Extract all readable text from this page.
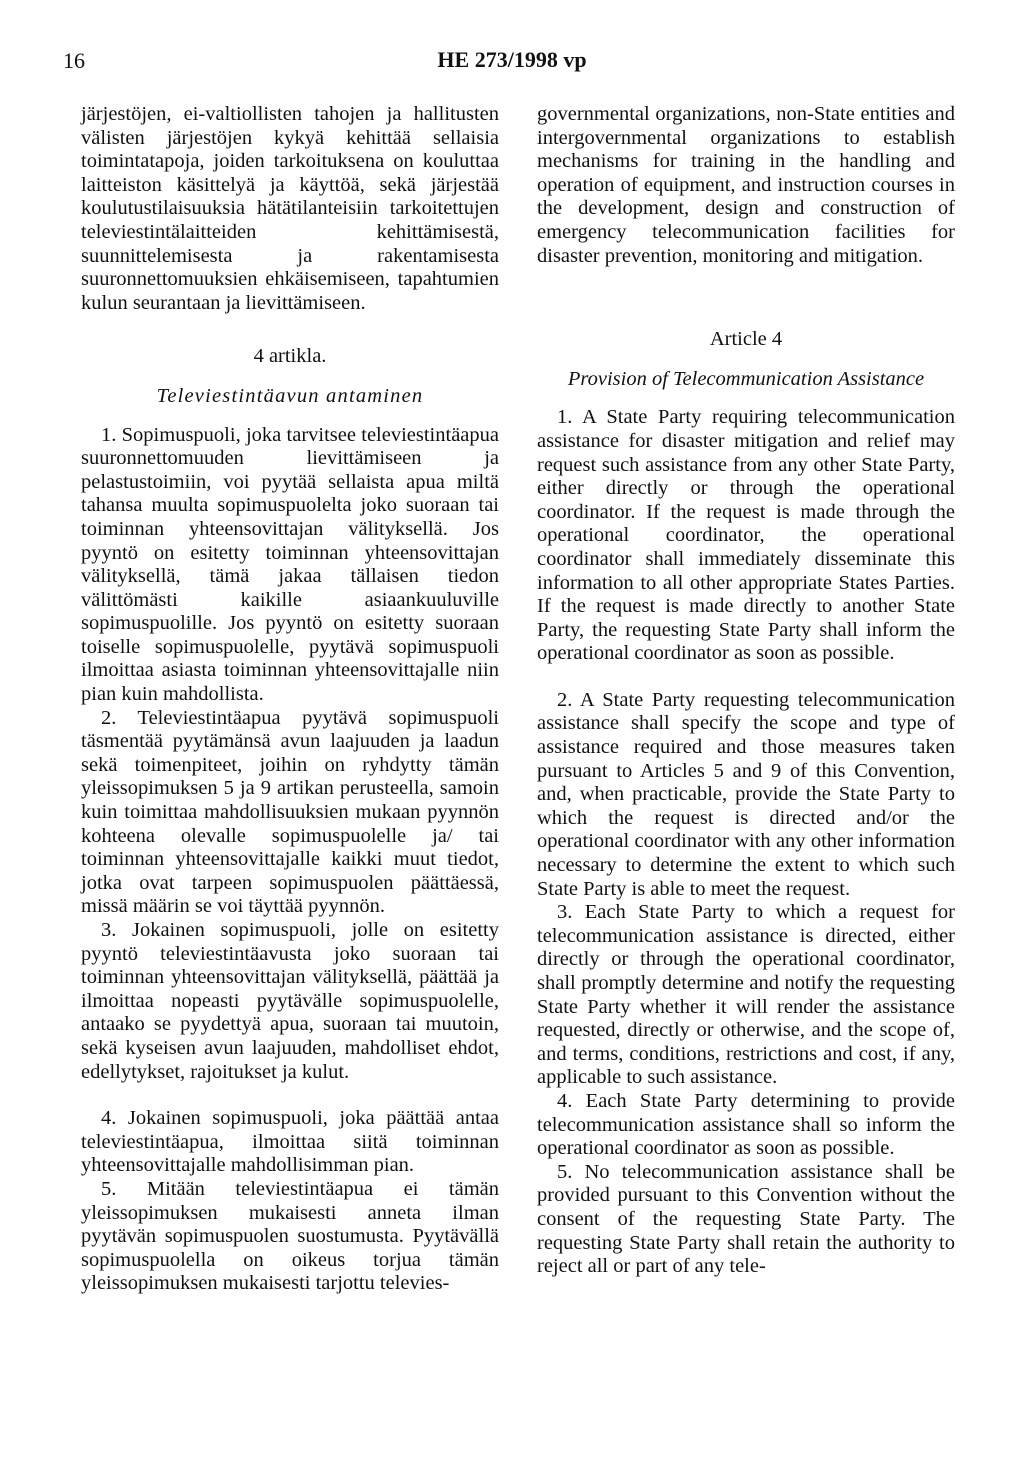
16	HE 273/1998 vp

järjestöjen, ei-valtiollisten tahojen ja hallitusten välisten järjestöjen kykyä kehittää sellaisia toimintatapoja, joiden tarkoituksena on kouluttaa laitteiston käsittelyä ja käyttöä, sekä järjestää koulutustilaisuuksia hätätilanteisiin tarkoitettujen televiestintälaitteiden kehittämisestä, suunnittelemisesta ja rakentamisesta suuronnettomuuksien ehkäisemiseen, tapahtumien kulun seurantaan ja lievittämiseen.

4 artikla.

Televiestintäavun antaminen

1. Sopimuspuoli, joka tarvitsee televiestintäapua suuronnettomuuden lievittämiseen ja pelastustoimiin, voi pyytää sellaista apua miltä tahansa muulta sopimuspuolelta joko suoraan tai toiminnan yhteensovittajan välityksellä. Jos pyyntö on esitetty toiminnan yhteensovittajan välityksellä, tämä jakaa tällaisen tiedon välittömästi kaikille asiaankuuluville sopimuspuolille. Jos pyyntö on esitetty suoraan toiselle sopimuspuolelle, pyytävä sopimuspuoli ilmoittaa asiasta toiminnan yhteensovittajalle niin pian kuin mahdollista.

2. Televiestintäapua pyytävä sopimuspuoli täsmentää pyytämänsä avun laajuuden ja laadun sekä toimenpiteet, joihin on ryhdytty tämän yleissopimuksen 5 ja 9 artikan perusteella, samoin kuin toimittaa mahdollisuuksien mukaan pyynnön kohteena olevalle sopimuspuolelle ja/ tai toiminnan yhteensovittajalle kaikki muut tiedot, jotka ovat tarpeen sopimuspuolen päättäessä, missä määrin se voi täyttää pyynnön.

3. Jokainen sopimuspuoli, jolle on esitetty pyyntö televiestintäavusta joko suoraan tai toiminnan yhteensovittajan välityksellä, päättää ja ilmoittaa nopeasti pyytävälle sopimuspuolelle, antaako se pyydettyä apua, suoraan tai muutoin, sekä kyseisen avun laajuuden, mahdolliset ehdot, edellytykset, rajoitukset ja kulut.

4. Jokainen sopimuspuoli, joka päättää antaa televiestintäapua, ilmoittaa siitä toiminnan yhteensovittajalle mahdollisimman pian.

5. Mitään televiestintäapua ei tämän yleissopimuksen mukaisesti anneta ilman pyytävän sopimuspuolen suostumusta. Pyytävällä sopimuspuolella on oikeus torjua tämän yleissopimuksen mukaisesti tarjottu televies-

governmental organizations, non-State entities and intergovernmental organizations to establish mechanisms for training in the handling and operation of equipment, and instruction courses in the development, design and construction of emergency telecommunication facilities for disaster prevention, monitoring and mitigation.

Article 4

Provision of Telecommunication Assistance

1. A State Party requiring telecommunication assistance for disaster mitigation and relief may request such assistance from any other State Party, either directly or through the operational coordinator. If the request is made through the operational coordinator, the operational coordinator shall immediately disseminate this information to all other appropriate States Parties. If the request is made directly to another State Party, the requesting State Party shall inform the operational coordinator as soon as possible.

2. A State Party requesting telecommunication assistance shall specify the scope and type of assistance required and those measures taken pursuant to Articles 5 and 9 of this Convention, and, when practicable, provide the State Party to which the request is directed and/or the operational coordinator with any other information necessary to determine the extent to which such State Party is able to meet the request.

3. Each State Party to which a request for telecommunication assistance is directed, either directly or through the operational coordinator, shall promptly determine and notify the requesting State Party whether it will render the assistance requested, directly or otherwise, and the scope of, and terms, conditions, restrictions and cost, if any, applicable to such assistance.

4. Each State Party determining to provide telecommunication assistance shall so inform the operational coordinator as soon as possible.

5. No telecommunication assistance shall be provided pursuant to this Convention without the consent of the requesting State Party. The requesting State Party shall retain the authority to reject all or part of any tele-
